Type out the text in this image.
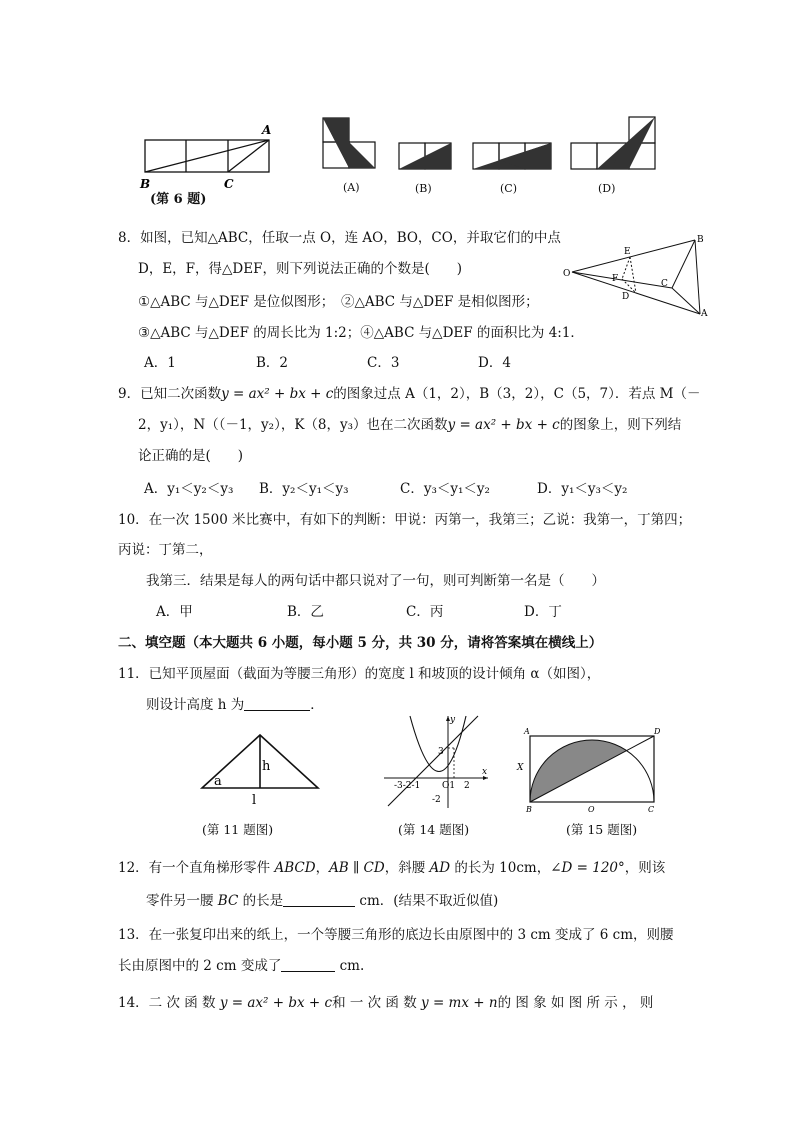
A
B	C
(第 6 题)
(A)	(B)	(C)	(D)
8．如图，已知△ABC，任取一点 O，连 AO，BO，CO，并取它们的中点
D，E，F，得△DEF，则下列说法正确的个数是(　　)
①△ABC 与△DEF 是位似图形；　②△ABC 与△DEF 是相似图形；
③△ABC 与△DEF 的周长比为 1:2；④△ABC 与△DEF 的面积比为 4:1．
A．1	B．2	C．3	D．4
O
E
B
F	C
D
A
9．已知二次函数y = ax² + bx + c的图象过点 A（1，2），B（3，2），C（5，7）．若点 M（－
2，y₁），N（（－1，y₂），K（8，y₃）也在二次函数y = ax² + bx + c的图象上，则下列结
论正确的是(　　)
A．y₁＜y₂＜y₃ B．y₂＜y₁＜y₃	C．y₃＜y₁＜y₂	D．y₁＜y₃＜y₂
10．在一次 1500 米比赛中，有如下的判断：甲说：丙第一，我第三；乙说：我第一，丁第四；
丙说：丁第二，
我第三．结果是每人的两句话中都只说对了一句，则可判断第一名是（　　）
A．甲	B．乙	C．丙	D．丁
二、填空题（本大题共 6 小题，每小题 5 分，共 30 分，请将答案填在横线上）
11．已知平顶屋面（截面为等腰三角形）的宽度 l 和坡顶的设计倾角 α（如图），
则设计高度 h 为	．
a
h
l
(第 11 题图)
y
x
3
-2
-3-2-1 O1 2
(第 14 题图)
A	D
X
B	O	C
(第 15 题图)
12．有一个直角梯形零件 ABCD，AB ∥ CD，斜腰 AD 的长为 10cm，∠D = 120°，则该
零件另一腰 BC 的长是	cm．(结果不取近似值)
13．在一张复印出来的纸上，一个等腰三角形的底边长由原图中的 3 cm 变成了 6 cm，则腰
长由原图中的 2 cm 变成了	cm.
14．二 次 函 数 y = ax² + bx + c和 一 次 函 数 y = mx + n的 图 象 如 图 所 示 ， 则
